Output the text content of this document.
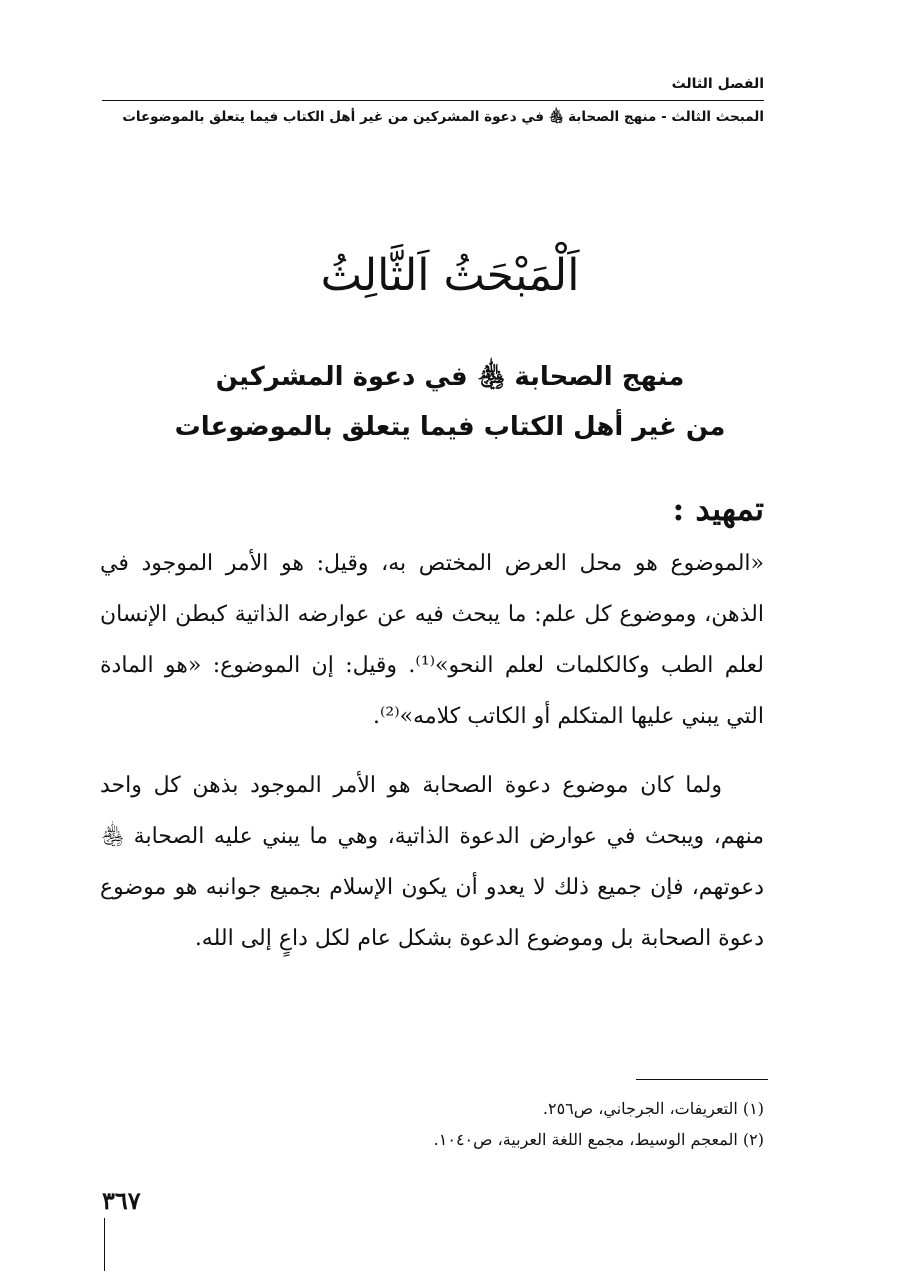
الفصل الثالث
المبحث الثالث - منهج الصحابة ﵃ في دعوة المشركين من غير أهل الكتاب فيما يتعلق بالموضوعات
اَلْمَبْحَثُ اَلثَّالِثُ
منهج الصحابة ﵃ في دعوة المشركين
من غير أهل الكتاب فيما يتعلق بالموضوعات
تمهيد :
«الموضوع هو محل العرض المختص به، وقيل: هو الأمر الموجود في الذهن، وموضوع كل علم: ما يبحث فيه عن عوارضه الذاتية كبطن الإنسان لعلم الطب وكالكلمات لعلم النحو»⁽¹⁾. وقيل: إن الموضوع: «هو المادة التي يبني عليها المتكلم أو الكاتب كلامه»⁽²⁾.
ولما كان موضوع دعوة الصحابة هو الأمر الموجود بذهن كل واحد منهم، ويبحث في عوارض الدعوة الذاتية، وهي ما يبني عليه الصحابة ﵃ دعوتهم، فإن جميع ذلك لا يعدو أن يكون الإسلام بجميع جوانبه هو موضوع دعوة الصحابة بل وموضوع الدعوة بشكل عام لكل داعٍ إلى الله.
(١) التعريفات، الجرجاني، ص٢٥٦.
(٢) المعجم الوسيط، مجمع اللغة العربية، ص١٠٤٠.
٣٦٧
